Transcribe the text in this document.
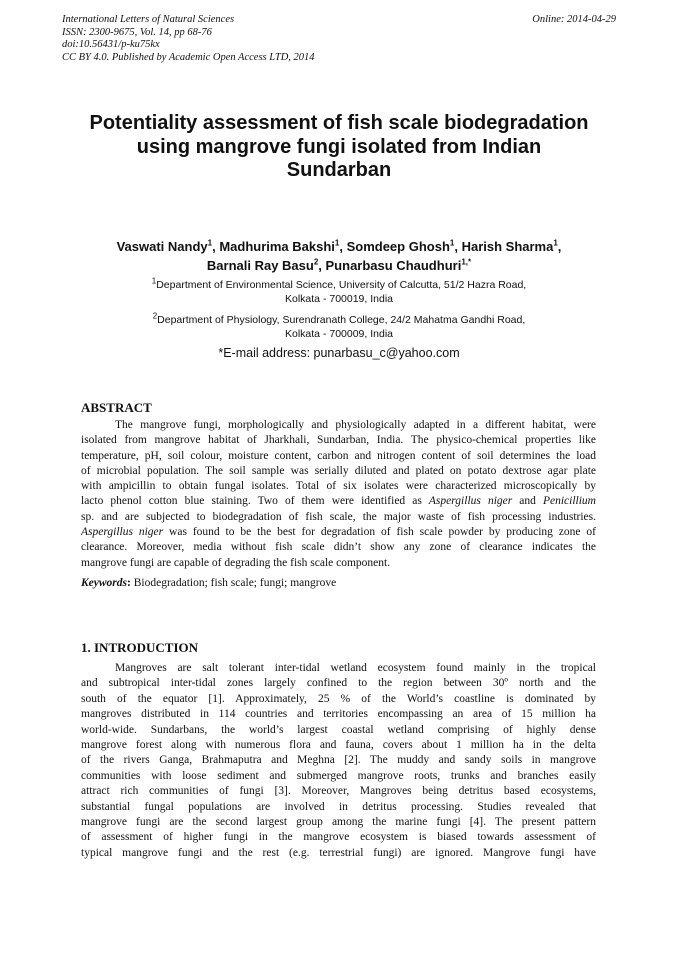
International Letters of Natural Sciences
ISSN: 2300-9675, Vol. 14, pp 68-76
doi:10.56431/p-ku75kx
CC BY 4.0. Published by Academic Open Access LTD, 2014
Online: 2014-04-29
Potentiality assessment of fish scale biodegradation
using mangrove fungi isolated from Indian
Sundarban
Vaswati Nandy$^1$, Madhurima Bakshi$^1$, Somdeep Ghosh$^1$, Harish Sharma$^1$,
Barnali Ray Basu$^2$, Punarbasu Chaudhuri$^{1,*}$
$^1$Department of Environmental Science, University of Calcutta, 51/2 Hazra Road,
Kolkata - 700019, India
$^2$Department of Physiology, Surendranath College, 24/2 Mahatma Gandhi Road,
Kolkata - 700009, India
*E-mail address: punarbasu_c@yahoo.com
ABSTRACT
The mangrove fungi, morphologically and physiologically adapted in a different habitat, were
isolated from mangrove habitat of Jharkhali, Sundarban, India. The physico-chemical properties like
temperature, pH, soil colour, moisture content, carbon and nitrogen content of soil determines the load
of microbial population. The soil sample was serially diluted and plated on potato dextrose agar plate
with ampicillin to obtain fungal isolates. Total of six isolates were characterized microscopically by
lacto phenol cotton blue staining. Two of them were identified as Aspergillus niger and Penicillium
sp. and are subjected to biodegradation of fish scale, the major waste of fish processing industries.
Aspergillus niger was found to be the best for degradation of fish scale powder by producing zone of
clearance. Moreover, media without fish scale didn’t show any zone of clearance indicates the
mangrove fungi are capable of degrading the fish scale component.
Keywords: Biodegradation; fish scale; fungi; mangrove
1. INTRODUCTION
Mangroves are salt tolerant inter-tidal wetland ecosystem found mainly in the tropical
and subtropical inter-tidal zones largely confined to the region between 30º north and the
south of the equator [1]. Approximately, 25 % of the World’s coastline is dominated by
mangroves distributed in 114 countries and territories encompassing an area of 15 million ha
world-wide. Sundarbans, the world’s largest coastal wetland comprising of highly dense
mangrove forest along with numerous flora and fauna, covers about 1 million ha in the delta
of the rivers Ganga, Brahmaputra and Meghna [2]. The muddy and sandy soils in mangrove
communities with loose sediment and submerged mangrove roots, trunks and branches easily
attract rich communities of fungi [3]. Moreover, Mangroves being detritus based ecosystems,
substantial fungal populations are involved in detritus processing. Studies revealed that
mangrove fungi are the second largest group among the marine fungi [4]. The present pattern
of assessment of higher fungi in the mangrove ecosystem is biased towards assessment of
typical mangrove fungi and the rest (e.g. terrestrial fungi) are ignored. Mangrove fungi have
